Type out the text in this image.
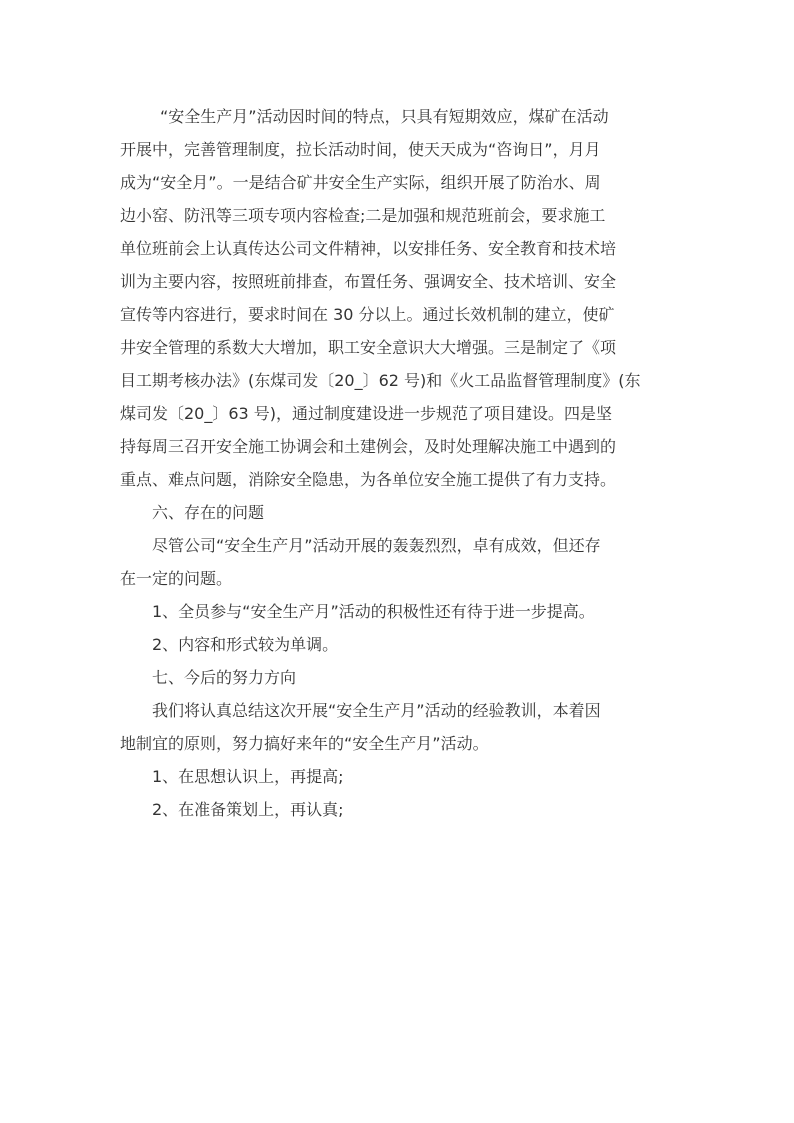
“安全生产月”活动因时间的特点，只具有短期效应，煤矿在活动
开展中，完善管理制度，拉长活动时间，使天天成为“咨询日”，月月
成为“安全月”。一是结合矿井安全生产实际，组织开展了防治水、周
边小窑、防汛等三项专项内容检查;二是加强和规范班前会，要求施工
单位班前会上认真传达公司文件精神，以安排任务、安全教育和技术培
训为主要内容，按照班前排查，布置任务、强调安全、技术培训、安全
宣传等内容进行，要求时间在 30 分以上。通过长效机制的建立，使矿
井安全管理的系数大大增加，职工安全意识大大增强。三是制定了《项
目工期考核办法》(东煤司发〔20_〕62 号)和《火工品监督管理制度》(东
煤司发〔20_〕63 号)，通过制度建设进一步规范了项目建设。四是坚
持每周三召开安全施工协调会和土建例会，及时处理解决施工中遇到的
重点、难点问题，消除安全隐患，为各单位安全施工提供了有力支持。
六、存在的问题
尽管公司“安全生产月”活动开展的轰轰烈烈，卓有成效，但还存
在一定的问题。
1、全员参与“安全生产月”活动的积极性还有待于进一步提高。
2、内容和形式较为单调。
七、今后的努力方向
我们将认真总结这次开展“安全生产月”活动的经验教训，本着因
地制宜的原则，努力搞好来年的“安全生产月”活动。
1、在思想认识上，再提高;
2、在准备策划上，再认真;
